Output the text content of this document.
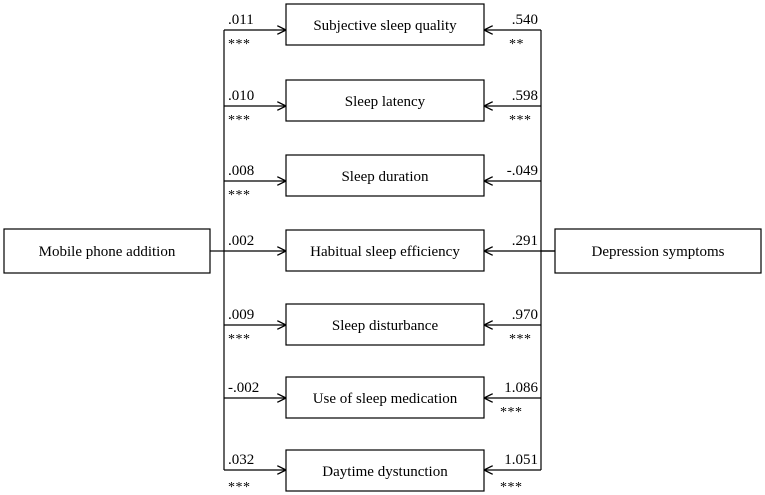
Mobile phone addition	Depression symptoms
Subjective sleep quality
.011
***
.540
**
Sleep latency
.010
***
.598
***
Sleep duration
.008
***
-.049
Habitual sleep efficiency
.002	.291
Sleep disturbance
.009
***
.970
***
Use of sleep medication
-.002	1.086
***
Daytime dystunction
.032
***
1.051
***
